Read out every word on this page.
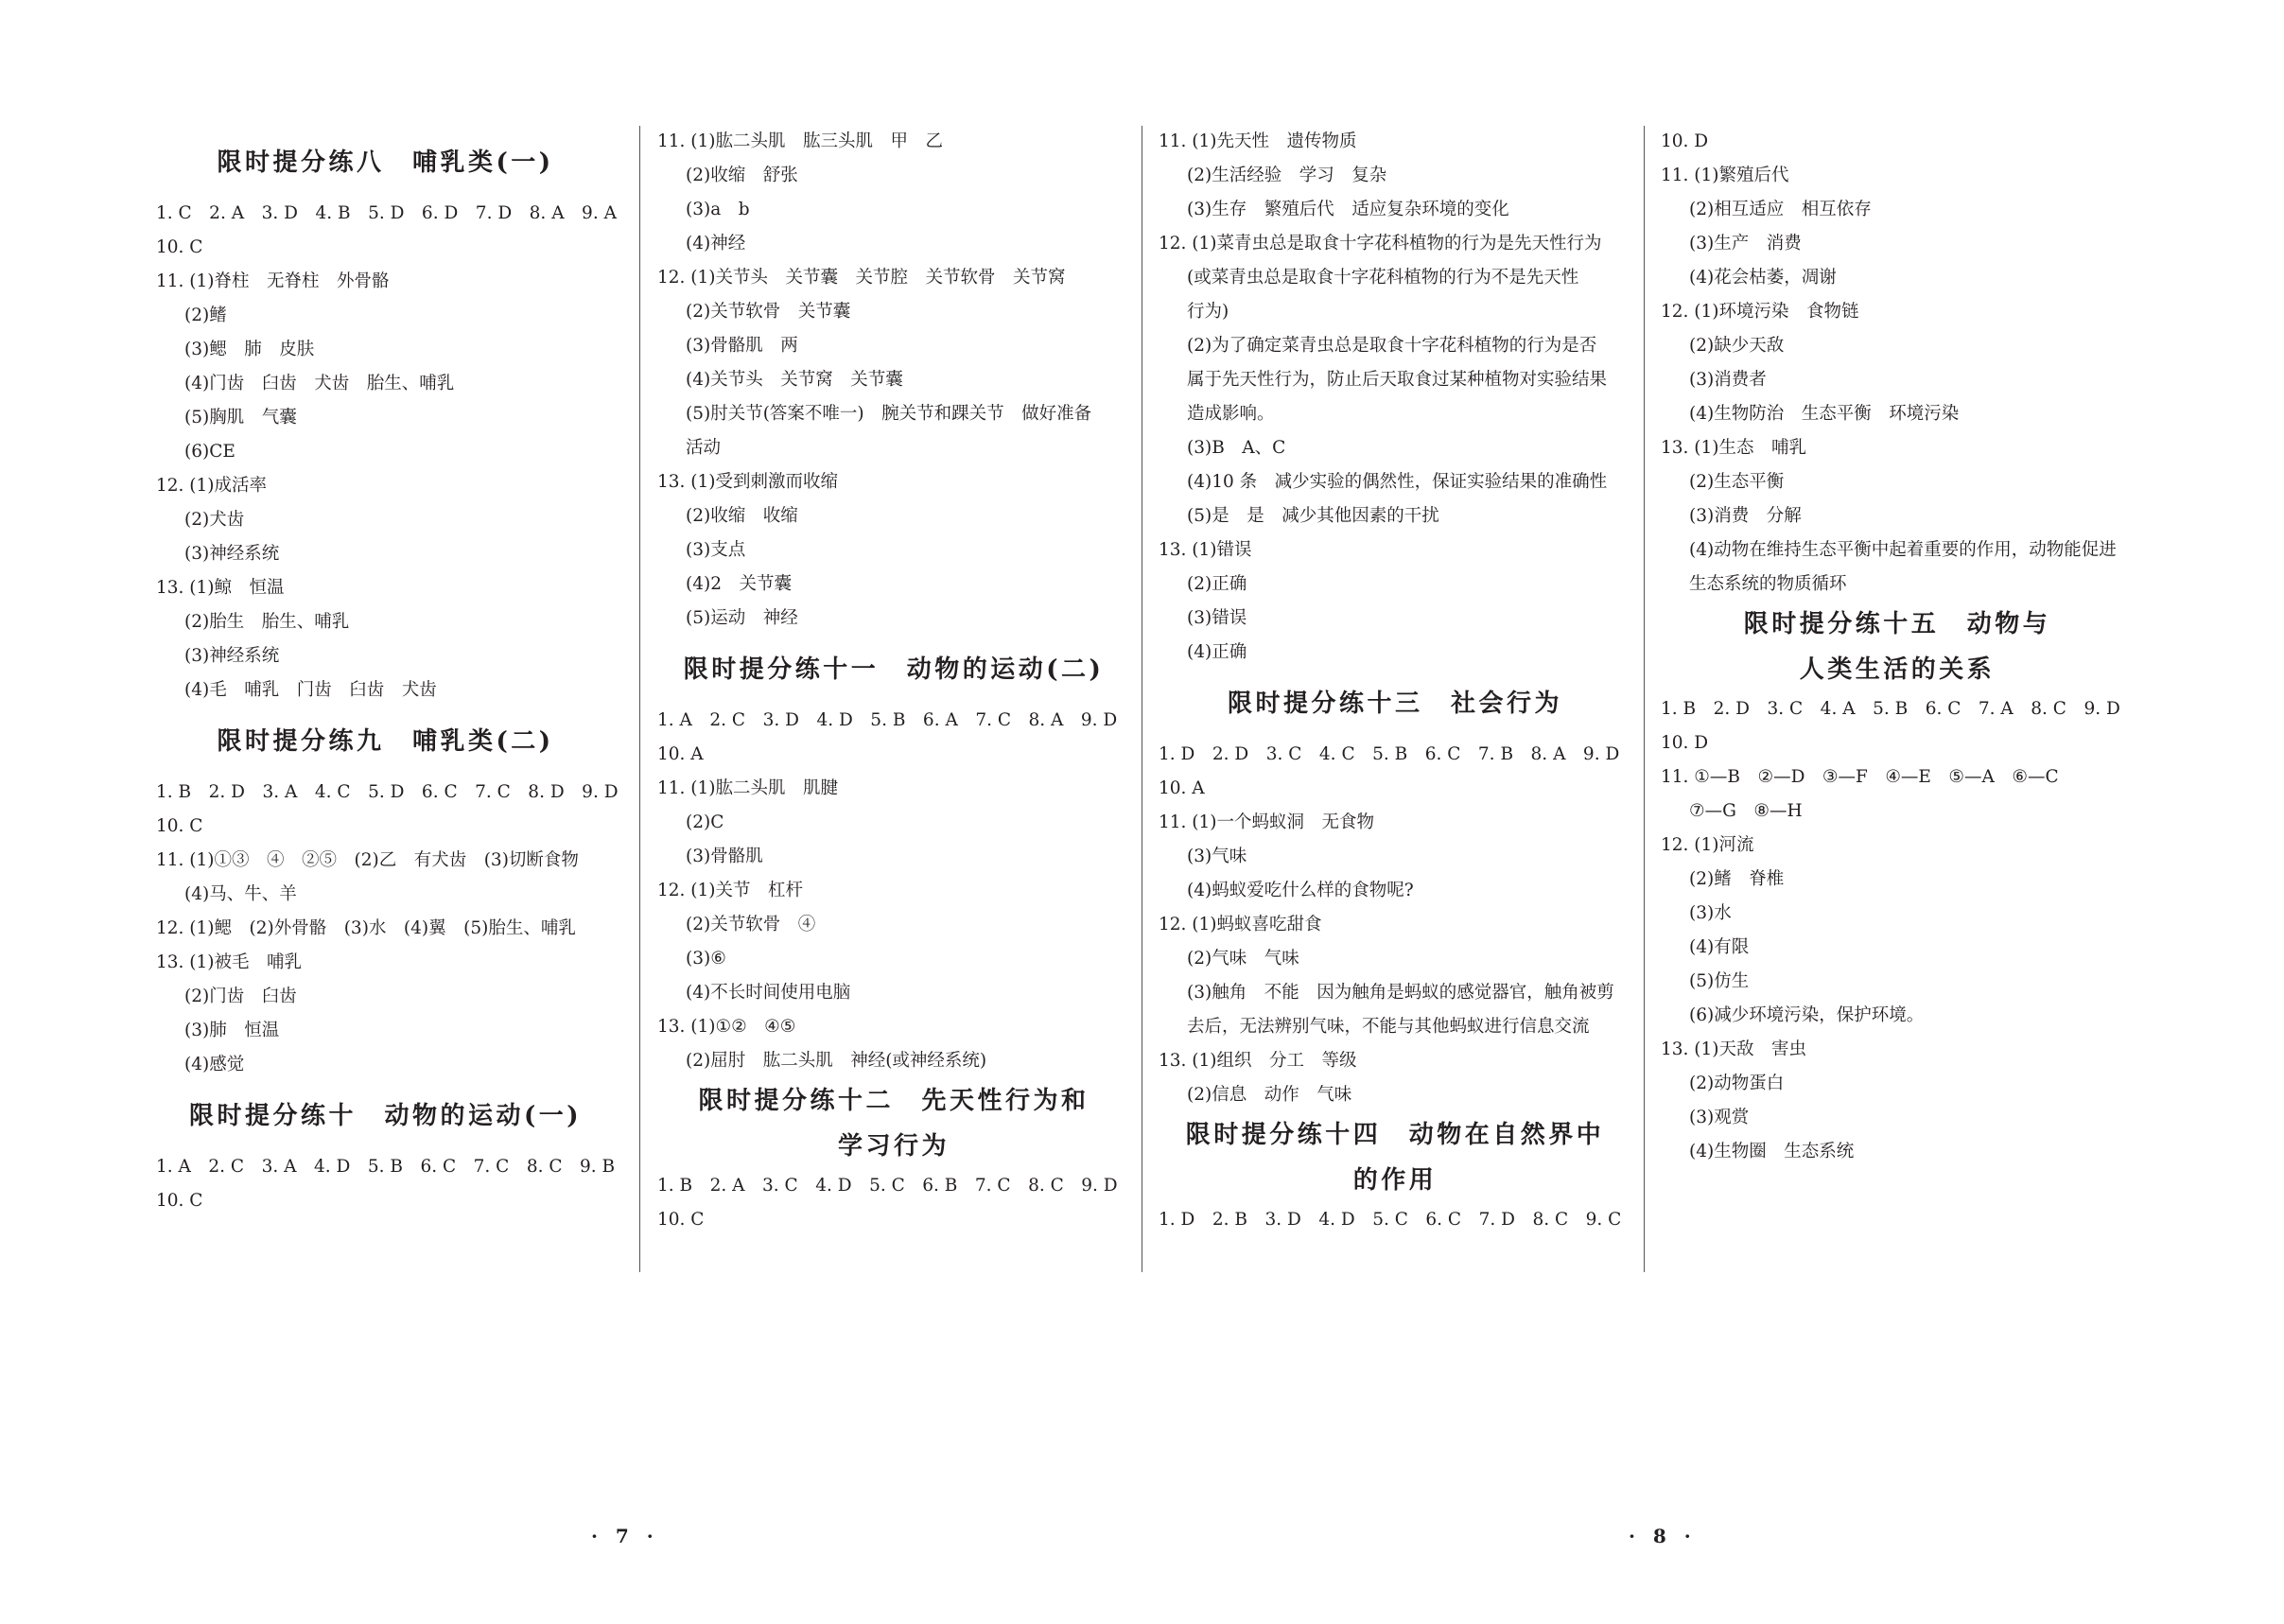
限时提分练八　哺乳类(一)
1. C　2. A　3. D　4. B　5. D　6. D　7. D　8. A　9. A
10. C
11. (1)脊柱　无脊柱　外骨骼
(2)鳍
(3)鳃　肺　皮肤
(4)门齿　臼齿　犬齿　胎生、哺乳
(5)胸肌　气囊
(6)CE
12. (1)成活率
(2)犬齿
(3)神经系统
13. (1)鲸　恒温
(2)胎生　胎生、哺乳
(3)神经系统
(4)毛　哺乳　门齿　臼齿　犬齿
限时提分练九　哺乳类(二)
1. B　2. D　3. A　4. C　5. D　6. C　7. C　8. D　9. D
10. C
11. (1)①③　④　②⑤　(2)乙　有犬齿　(3)切断食物
(4)马、牛、羊
12. (1)鳃　(2)外骨骼　(3)水　(4)翼　(5)胎生、哺乳
13. (1)被毛　哺乳
(2)门齿　臼齿
(3)肺　恒温
(4)感觉
限时提分练十　动物的运动(一)
1. A　2. C　3. A　4. D　5. B　6. C　7. C　8. C　9. B
10. C
11. (1)肱二头肌　肱三头肌　甲　乙
(2)收缩　舒张
(3)a　b
(4)神经
12. (1)关节头　关节囊　关节腔　关节软骨　关节窝
(2)关节软骨　关节囊
(3)骨骼肌　两
(4)关节头　关节窝　关节囊
(5)肘关节(答案不唯一)　腕关节和踝关节　做好准备
活动
13. (1)受到刺激而收缩
(2)收缩　收缩
(3)支点
(4)2　关节囊
(5)运动　神经
限时提分练十一　动物的运动(二)
1. A　2. C　3. D　4. D　5. B　6. A　7. C　8. A　9. D
10. A
11. (1)肱二头肌　肌腱
(2)C
(3)骨骼肌
12. (1)关节　杠杆
(2)关节软骨　④
(3)⑥
(4)不长时间使用电脑
13. (1)①②　④⑤
(2)屈肘　肱二头肌　神经(或神经系统)
限时提分练十二　先天性行为和
学习行为
1. B　2. A　3. C　4. D　5. C　6. B　7. C　8. C　9. D
10. C
11. (1)先天性　遗传物质
(2)生活经验　学习　复杂
(3)生存　繁殖后代　适应复杂环境的变化
12. (1)菜青虫总是取食十字花科植物的行为是先天性行为
(或菜青虫总是取食十字花科植物的行为不是先天性
行为)
(2)为了确定菜青虫总是取食十字花科植物的行为是否
属于先天性行为，防止后天取食过某种植物对实验结果
造成影响。
(3)B　A、C
(4)10 条　减少实验的偶然性，保证实验结果的准确性
(5)是　是　减少其他因素的干扰
13. (1)错误
(2)正确
(3)错误
(4)正确
限时提分练十三　社会行为
1. D　2. D　3. C　4. C　5. B　6. C　7. B　8. A　9. D
10. A
11. (1)一个蚂蚁洞　无食物
(3)气味
(4)蚂蚁爱吃什么样的食物呢?
12. (1)蚂蚁喜吃甜食
(2)气味　气味
(3)触角　不能　因为触角是蚂蚁的感觉器官，触角被剪
去后，无法辨别气味，不能与其他蚂蚁进行信息交流
13. (1)组织　分工　等级
(2)信息　动作　气味
限时提分练十四　动物在自然界中
的作用
1. D　2. B　3. D　4. D　5. C　6. C　7. D　8. C　9. C
10. D
11. (1)繁殖后代
(2)相互适应　相互依存
(3)生产　消费
(4)花会枯萎，凋谢
12. (1)环境污染　食物链
(2)缺少天敌
(3)消费者
(4)生物防治　生态平衡　环境污染
13. (1)生态　哺乳
(2)生态平衡
(3)消费　分解
(4)动物在维持生态平衡中起着重要的作用，动物能促进
生态系统的物质循环
限时提分练十五　动物与
人类生活的关系
1. B　2. D　3. C　4. A　5. B　6. C　7. A　8. C　9. D
10. D
11. ①—B　②—D　③—F　④—E　⑤—A　⑥—C
⑦—G　⑧—H
12. (1)河流
(2)鳍　脊椎
(3)水
(4)有限
(5)仿生
(6)减少环境污染，保护环境。
13. (1)天敌　害虫
(2)动物蛋白
(3)观赏
(4)生物圈　生态系统
· 7 ·	· 8 ·
